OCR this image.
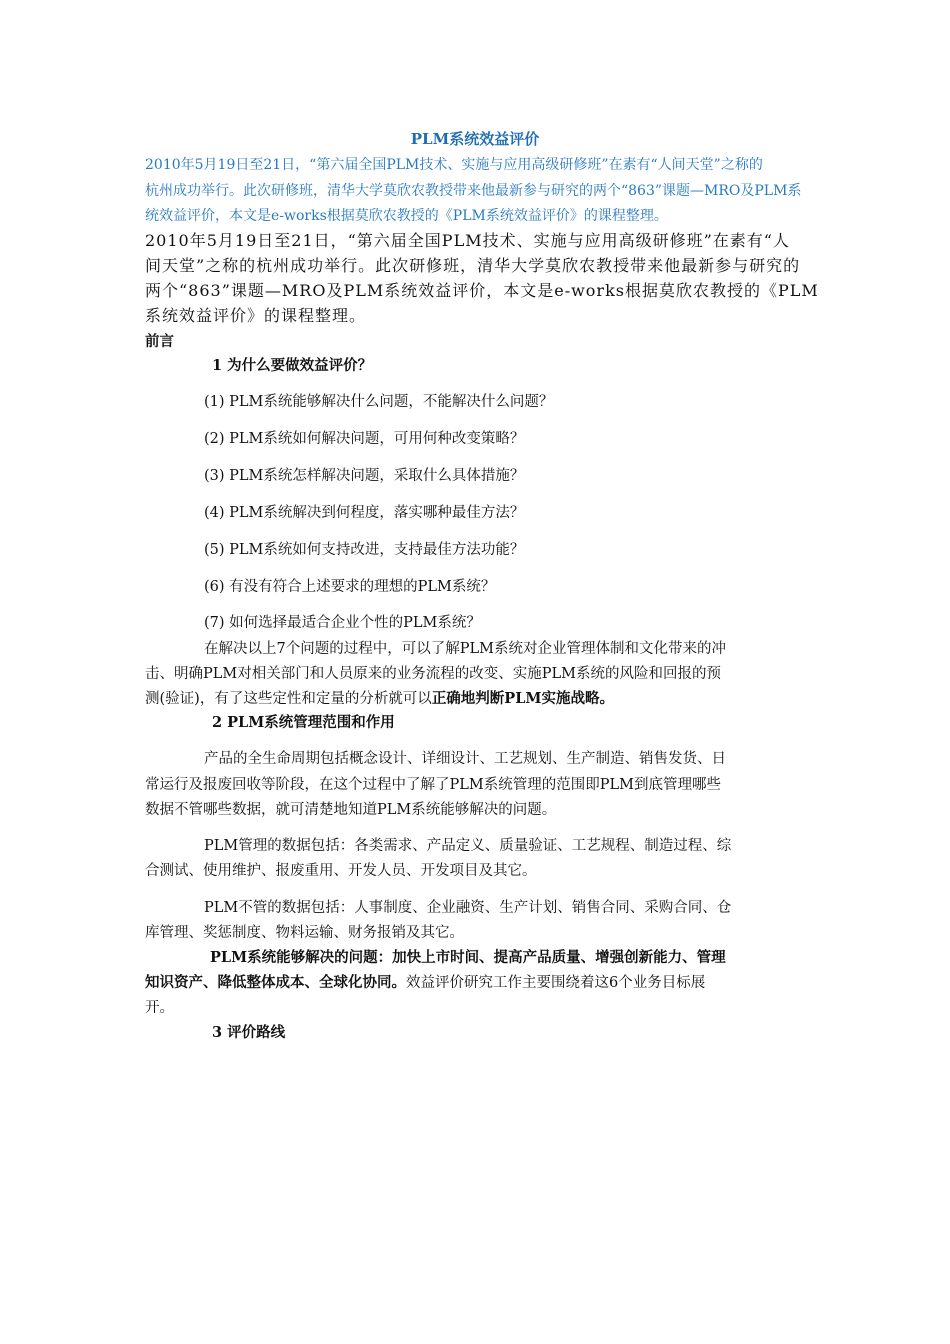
PLM系统效益评价
2010年5月19日至21日，“第六届全国PLM技术、实施与应用高级研修班”在素有“人间天堂”之称的
杭州成功举行。此次研修班，清华大学莫欣农教授带来他最新参与研究的两个“863”课题—MRO及PLM系
统效益评价，本文是e-works根据莫欣农教授的《PLM系统效益评价》的课程整理。
2010年5月19日至21日，“第六届全国PLM技术、实施与应用高级研修班”在素有“人
间天堂”之称的杭州成功举行。此次研修班，清华大学莫欣农教授带来他最新参与研究的
两个“863”课题—MRO及PLM系统效益评价，本文是e-works根据莫欣农教授的《PLM
系统效益评价》的课程整理。
前言
1 为什么要做效益评价？
(1) PLM系统能够解决什么问题，不能解决什么问题？
(2) PLM系统如何解决问题，可用何种改变策略？
(3) PLM系统怎样解决问题，采取什么具体措施？
(4) PLM系统解决到何程度，落实哪种最佳方法？
(5) PLM系统如何支持改进，支持最佳方法功能？
(6) 有没有符合上述要求的理想的PLM系统？
(7) 如何选择最适合企业个性的PLM系统？
在解决以上7个问题的过程中，可以了解PLM系统对企业管理体制和文化带来的冲
击、明确PLM对相关部门和人员原来的业务流程的改变、实施PLM系统的风险和回报的预
测(验证)，有了这些定性和定量的分析就可以正确地判断PLM实施战略。
2 PLM系统管理范围和作用
产品的全生命周期包括概念设计、详细设计、工艺规划、生产制造、销售发货、日
常运行及报废回收等阶段，在这个过程中了解了PLM系统管理的范围即PLM到底管理哪些
数据不管哪些数据，就可清楚地知道PLM系统能够解决的问题。
PLM管理的数据包括：各类需求、产品定义、质量验证、工艺规程、制造过程、综
合测试、使用维护、报废重用、开发人员、开发项目及其它。
PLM不管的数据包括：人事制度、企业融资、生产计划、销售合同、采购合同、仓
库管理、奖惩制度、物料运输、财务报销及其它。
PLM系统能够解决的问题：加快上市时间、提高产品质量、增强创新能力、管理
知识资产、降低整体成本、全球化协同。效益评价研究工作主要围绕着这6个业务目标展
开。
3 评价路线
